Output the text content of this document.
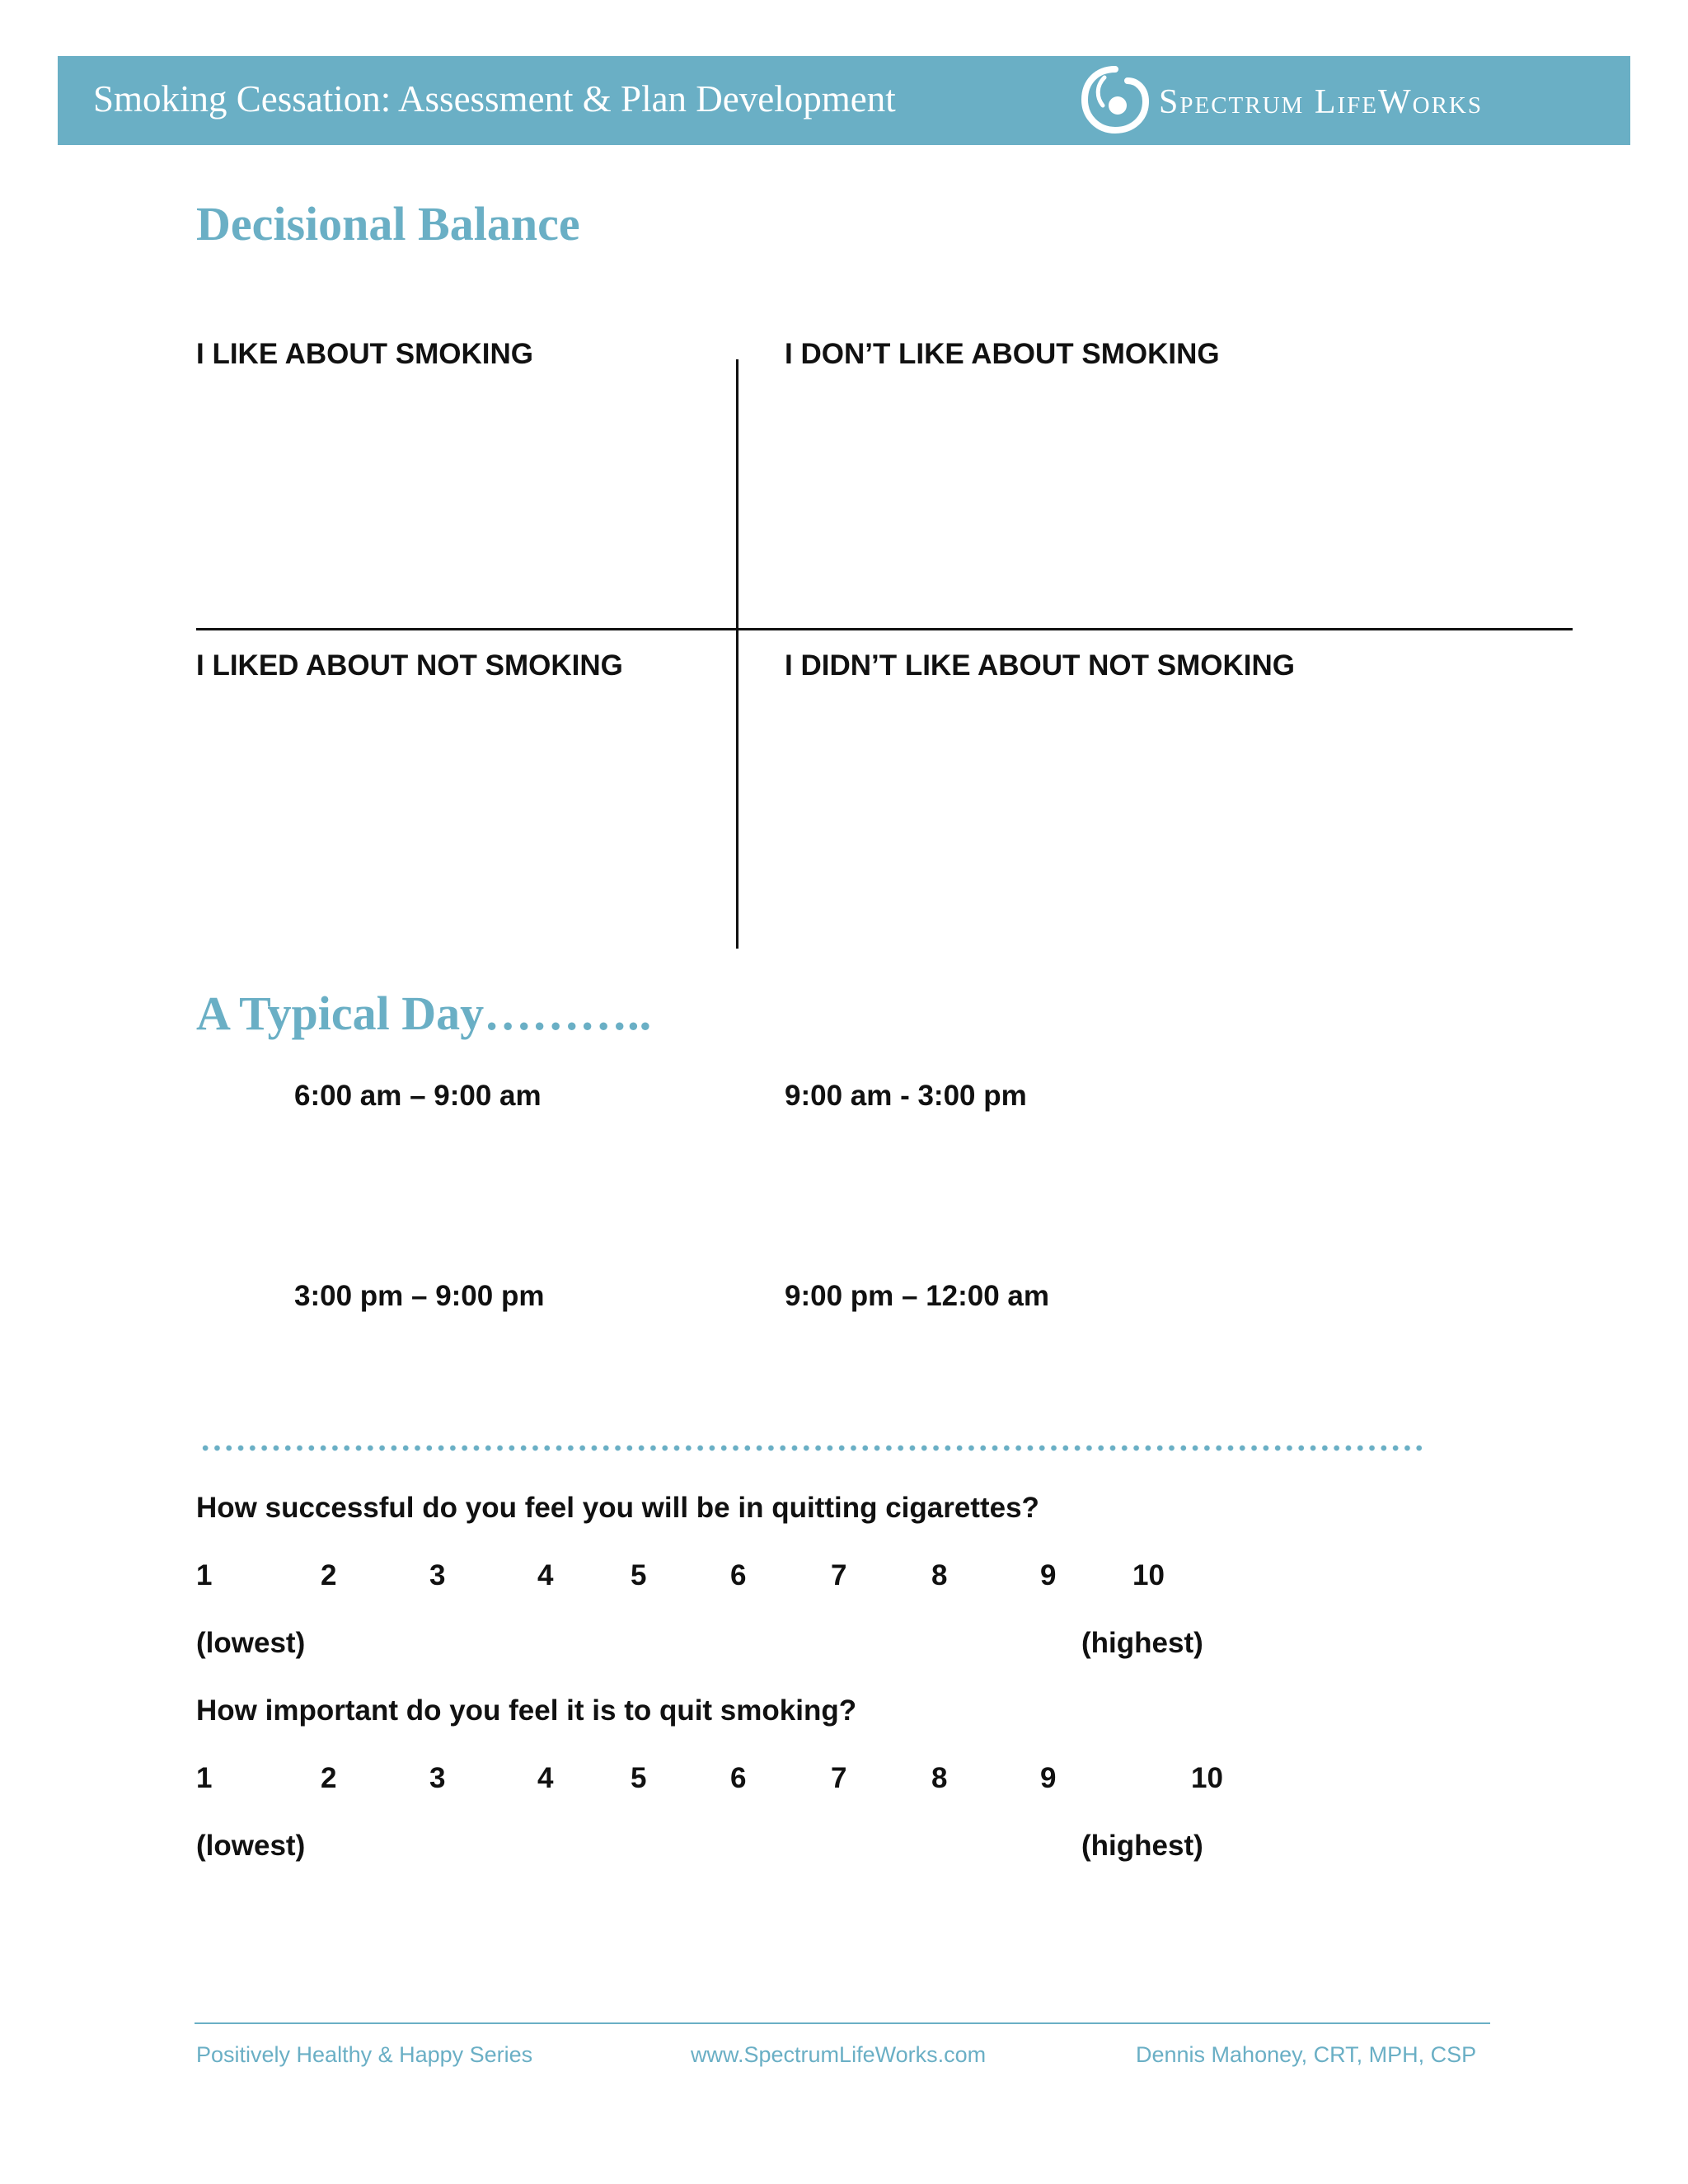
Smoking Cessation: Assessment & Plan Development	Spectrum LifeWorks
Decisional Balance
I LIKE ABOUT SMOKING	I DON’T LIKE ABOUT SMOKING
I LIKED ABOUT NOT SMOKING	I DIDN’T LIKE ABOUT NOT SMOKING
A Typical Day………..
6:00 am – 9:00 am	9:00 am - 3:00 pm
3:00 pm – 9:00 pm	9:00 pm – 12:00 am
How successful do you feel you will be in quitting cigarettes?
1	2	3	4	5	6	7	8	9	10
(lowest)	(highest)
How important do you feel it is to quit smoking?
1	2	3	4	5	6	7	8	9	10
(lowest)	(highest)
Positively Healthy & Happy Series	www.SpectrumLifeWorks.com	Dennis Mahoney, CRT, MPH, CSP
